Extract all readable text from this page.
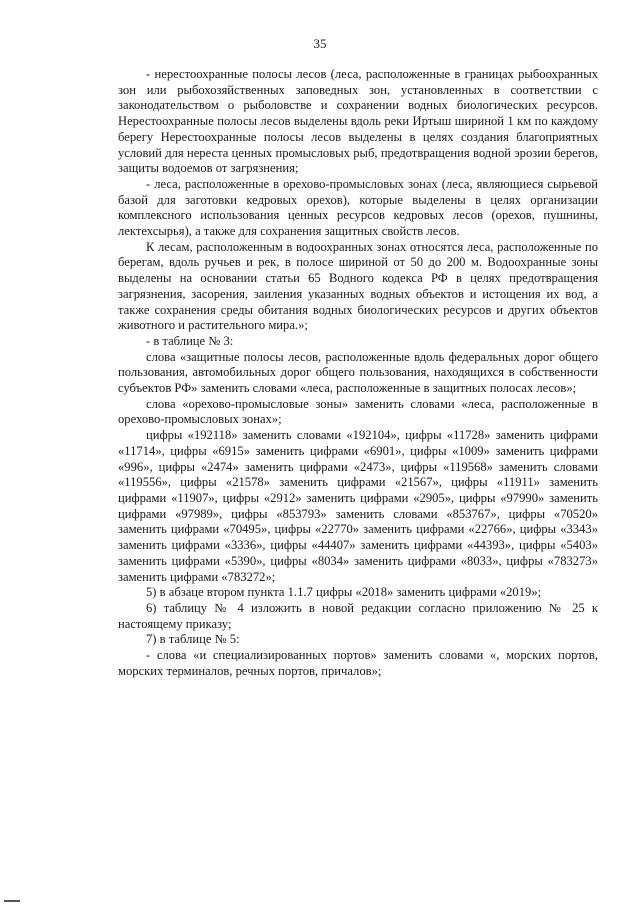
35

- нерестоохранные полосы лесов (леса, расположенные в границах рыбоохранных зон или рыбохозяйственных заповедных зон, установленных в соответствии с законодательством о рыболовстве и сохранении водных биологических ресурсов. Нерестоохранные полосы лесов выделены вдоль реки Иртыш шириной 1 км по каждому берегу Нерестоохранные полосы лесов выделены в целях создания благоприятных условий для нереста ценных промысловых рыб, предотвращения водной эрозии берегов, защиты водоемов от загрязнения;

- леса, расположенные в орехово-промысловых зонах (леса, являющиеся сырьевой базой для заготовки кедровых орехов), которые выделены в целях организации комплексного использования ценных ресурсов кедровых лесов (орехов, пушнины, лектехсырья), а также для сохранения защитных свойств лесов.

К лесам, расположенным в водоохранных зонах относятся леса, расположенные по берегам, вдоль ручьев и рек, в полосе шириной от 50 до 200 м. Водоохранные зоны выделены на основании статьи 65 Водного кодекса РФ в целях предотвращения загрязнения, засорения, заиления указанных водных объектов и истощения их вод, а также сохранения среды обитания водных биологических ресурсов и других объектов животного и растительного мира.»;

- в таблице № 3:

слова «защитные полосы лесов, расположенные вдоль федеральных дорог общего пользования, автомобильных дорог общего пользования, находящихся в собственности субъектов РФ» заменить словами «леса, расположенные в защитных полосах лесов»;

слова «орехово-промысловые зоны» заменить словами «леса, расположенные в орехово-промысловых зонах»;

цифры «192118» заменить словами «192104», цифры «11728» заменить цифрами «11714», цифры «6915» заменить цифрами «6901», цифры «1009» заменить цифрами «996», цифры «2474» заменить цифрами «2473», цифры «119568» заменить словами «119556», цифры «21578» заменить цифрами «21567», цифры «11911» заменить цифрами «11907», цифры «2912» заменить цифрами «2905», цифры «97990» заменить цифрами «97989», цифры «853793» заменить словами «853767», цифры «70520» заменить цифрами «70495», цифры «22770» заменить цифрами «22766», цифры «3343» заменить цифрами «3336», цифры «44407» заменить цифрами «44393», цифры «5403» заменить цифрами «5390», цифры «8034» заменить цифрами «8033», цифры «783273» заменить цифрами «783272»;

5) в абзаце втором пункта 1.1.7 цифры «2018» заменить цифрами «2019»;

6) таблицу № 4 изложить в новой редакции согласно приложению № 25 к настоящему приказу;

7) в таблице № 5:

- слова «и специализированных портов» заменить словами «, морских портов, морских терминалов, речных портов, причалов»;
